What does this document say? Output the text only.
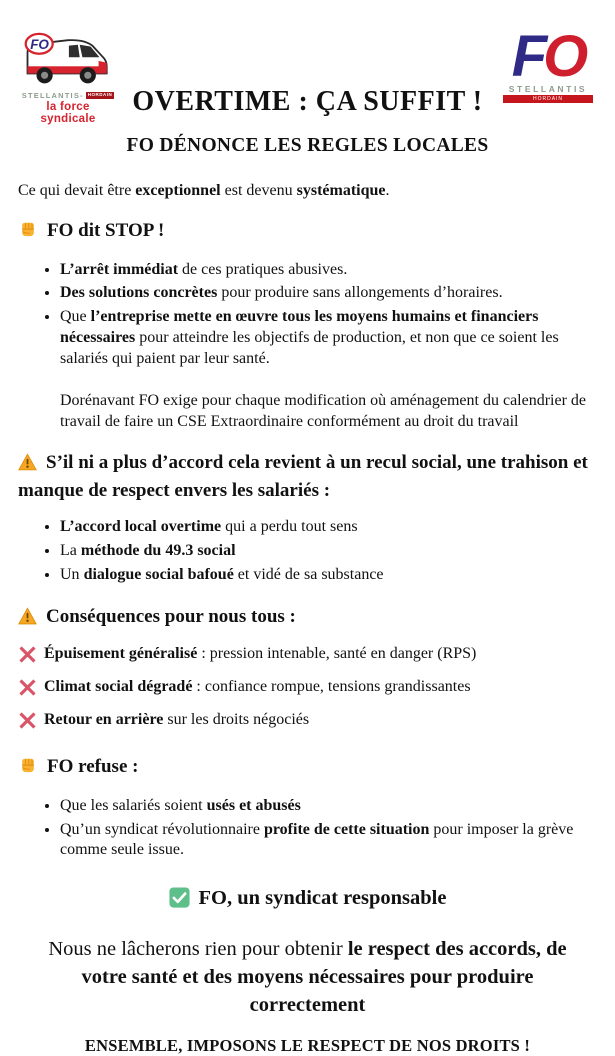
FO
STELLANTIS- HORDAIN
la force syndicale
FO
STELLANTIS
HORDAIN
OVERTIME : ÇA SUFFIT !
FO DÉNONCE LES REGLES LOCALES

Ce qui devait être exceptionnel est devenu systématique.

FO dit STOP !

• L’arrêt immédiat de ces pratiques abusives.
• Des solutions concrètes pour produire sans allongements d’horaires.
• Que l’entreprise mette en œuvre tous les moyens humains et financiers nécessaires pour atteindre les objectifs de production, et non que ce soient les salariés qui paient par leur santé.

Dorénavant FO exige pour chaque modification où aménagement du calendrier de travail de faire un CSE Extraordinaire conformément au droit du travail

S’il ni a plus d’accord cela revient à un recul social, une trahison et manque de respect envers les salariés :

• L’accord local overtime qui a perdu tout sens
• La méthode du 49.3 social
• Un dialogue social bafoué et vidé de sa substance

Conséquences pour nous tous :

Épuisement généralisé : pression intenable, santé en danger (RPS)
Climat social dégradé : confiance rompue, tensions grandissantes
Retour en arrière sur les droits négociés

FO refuse :

• Que les salariés soient usés et abusés
• Qu’un syndicat révolutionnaire profite de cette situation pour imposer la grève comme seule issue.

FO, un syndicat responsable

Nous ne lâcherons rien pour obtenir le respect des accords, de votre santé et des moyens nécessaires pour produire correctement

ENSEMBLE, IMPOSONS LE RESPECT DE NOS DROITS !
